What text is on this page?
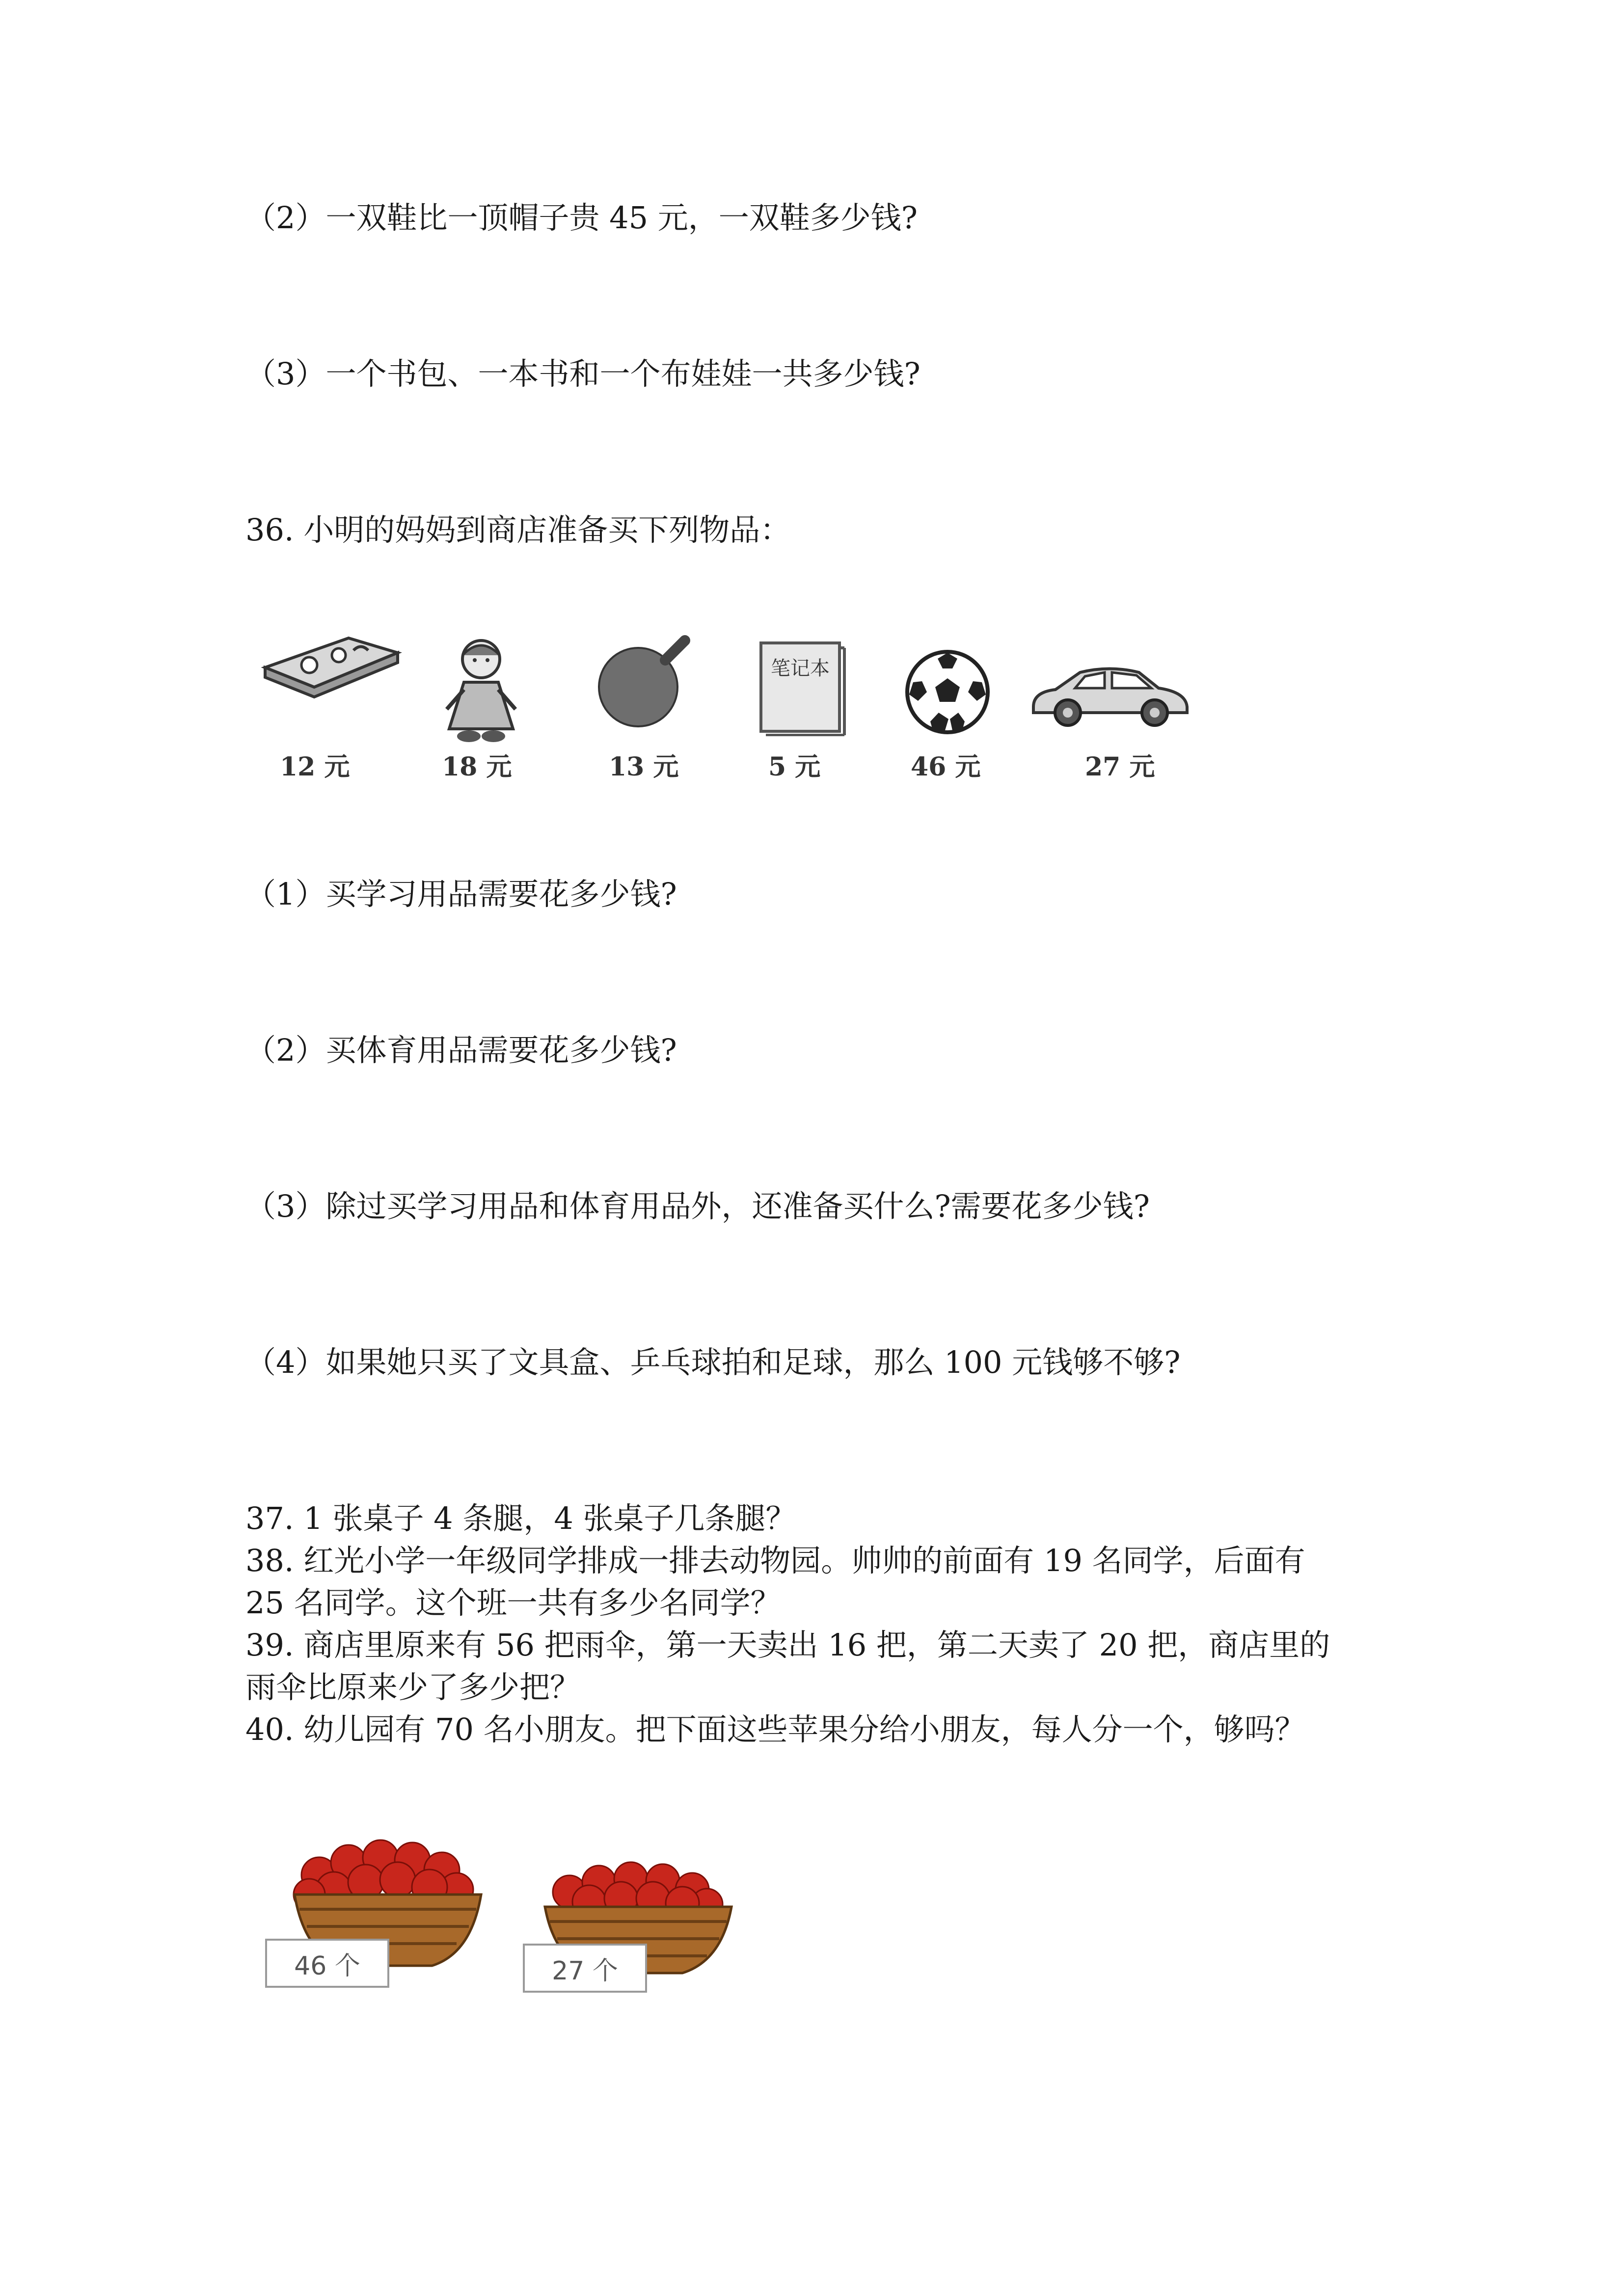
（2）一双鞋比一顶帽子贵 45 元，一双鞋多少钱?
（3）一个书包、一本书和一个布娃娃一共多少钱?
36. 小明的妈妈到商店准备买下列物品：
12 元	18 元	13 元
笔记本
5 元	46 元	27 元
（1）买学习用品需要花多少钱?
（2）买体育用品需要花多少钱?
（3）除过买学习用品和体育用品外，还准备买什么?需要花多少钱?
（4）如果她只买了文具盒、乒乓球拍和足球，那么 100 元钱够不够?
37. 1 张桌子 4 条腿，4 张桌子几条腿？
38. 红光小学一年级同学排成一排去动物园。帅帅的前面有 19 名同学，后面有
25 名同学。这个班一共有多少名同学？
39. 商店里原来有 56 把雨伞，第一天卖出 16 把，第二天卖了 20 把，商店里的
雨伞比原来少了多少把？
40. 幼儿园有 70 名小朋友。把下面这些苹果分给小朋友，每人分一个，够吗？
46 个	27 个
